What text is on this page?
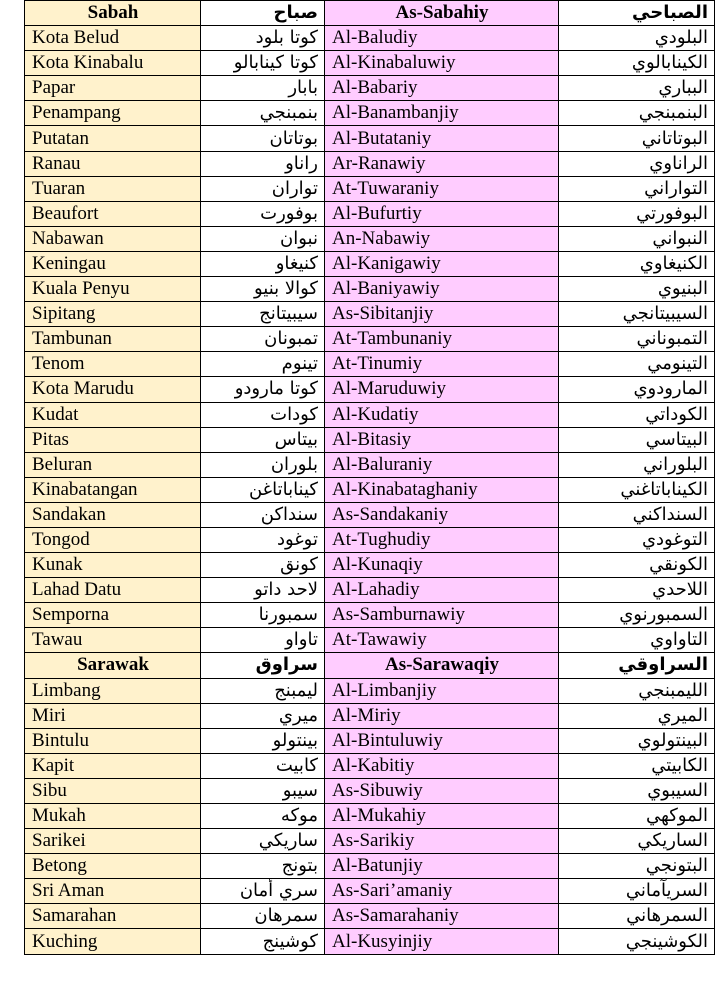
Sabah	صباح	As-Sabahiy	الصباحي
Kota Belud	كوتا بلود	Al-Baludiy	البلودي
Kota Kinabalu	كوتا كينابالو	Al-Kinabaluwiy	الكينابالوي
Papar	بابار	Al-Babariy	البباري
Penampang	بنمبنجي	Al-Banambanjiy	البنمبنجي
Putatan	بوتاتان	Al-Butataniy	البوتاتاني
Ranau	راناو	Ar-Ranawiy	الراناوي
Tuaran	تواران	At-Tuwaraniy	التواراني
Beaufort	بوفورت	Al-Bufurtiy	البوفورتي
Nabawan	نبوان	An-Nabawiy	النبواني
Keningau	كنيغاو	Al-Kanigawiy	الكنيغاوي
Kuala Penyu	كوالا بنيو	Al-Baniyawiy	البنيوي
Sipitang	سيبيتانج	As-Sibitanjiy	السيبيتانجي
Tambunan	تمبونان	At-Tambunaniy	التمبوناني
Tenom	تينوم	At-Tinumiy	التينومي
Kota Marudu	كوتا مارودو	Al-Maruduwiy	المارودوي
Kudat	كودات	Al-Kudatiy	الكوداتي
Pitas	بيتاس	Al-Bitasiy	البيتاسي
Beluran	بلوران	Al-Baluraniy	البلوراني
Kinabatangan	كيناباتاغن	Al-Kinabataghaniy	الكيناباتاغني
Sandakan	سنداكن	As-Sandakaniy	السنداكني
Tongod	توغود	At-Tughudiy	التوغودي
Kunak	كونق	Al-Kunaqiy	الكونقي
Lahad Datu	لاحد داتو	Al-Lahadiy	اللاحدي
Semporna	سمبورنا	As-Samburnawiy	السمبورنوي
Tawau	تاواو	At-Tawawiy	التاواوي
Sarawak	سراوق	As-Sarawaqiy	السراوقي
Limbang	ليمبنج	Al-Limbanjiy	الليمبنجي
Miri	ميري	Al-Miriy	الميري
Bintulu	بينتولو	Al-Bintuluwiy	البينتولوي
Kapit	كابيت	Al-Kabitiy	الكابيتي
Sibu	سيبو	As-Sibuwiy	السيبوي
Mukah	موكه	Al-Mukahiy	الموكهي
Sarikei	ساريكي	As-Sarikiy	الساريكي
Betong	بتونج	Al-Batunjiy	البتونجي
Sri Aman	سري أمان	As-Sari’amaniy	السريآماني
Samarahan	سمرهان	As-Samarahaniy	السمرهاني
Kuching	كوشينج	Al-Kusyinjiy	الكوشينجي
